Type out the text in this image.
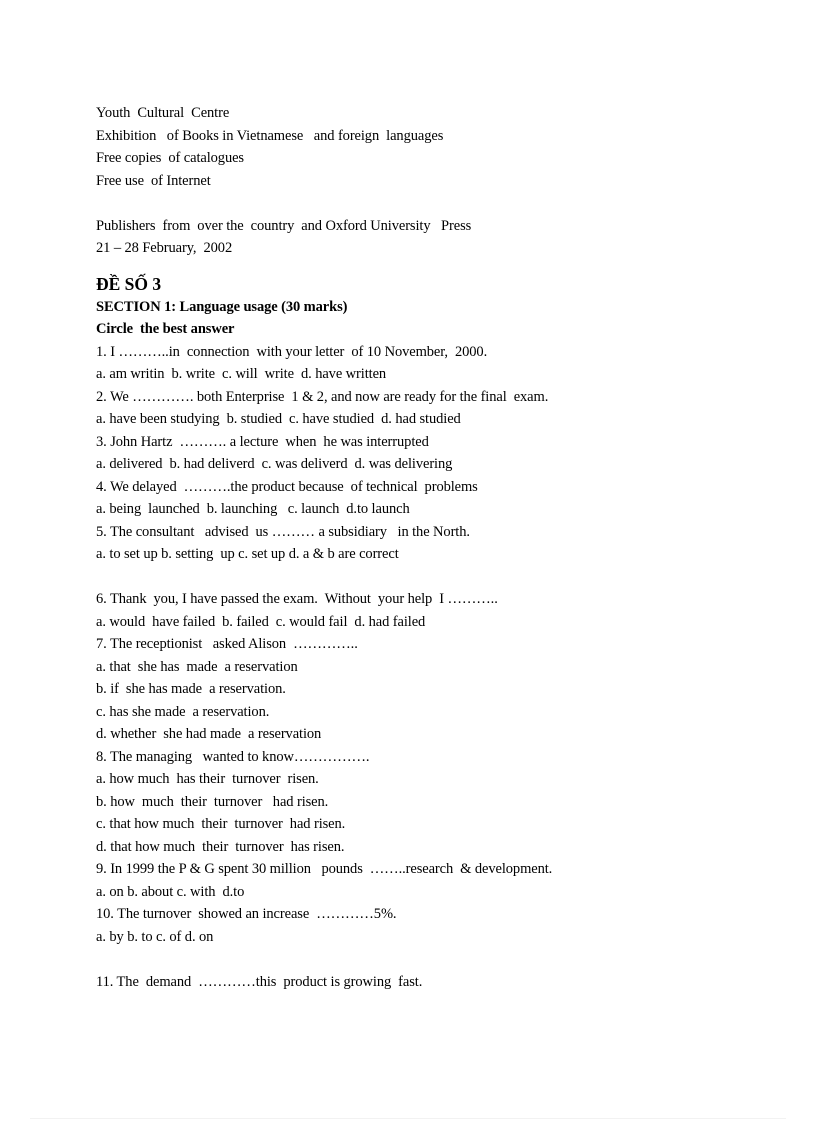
Youth  Cultural  Centre
Exhibition   of Books in Vietnamese   and foreign  languages
Free copies  of catalogues
Free use  of Internet
Publishers  from  over the  country  and Oxford University   Press
21 – 28 February,  2002
ĐỀ SỐ 3
SECTION 1: Language usage (30 marks)
Circle  the best answer
1. I ………..in  connection  with your letter  of 10 November,  2000.
a. am writin  b. write  c. will  write  d. have written
2. We …………. both Enterprise  1 & 2, and now are ready for the final  exam.
a. have been studying  b. studied  c. have studied  d. had studied
3. John Hartz  ………. a lecture  when  he was interrupted
a. delivered  b. had deliverd  c. was deliverd  d. was delivering
4. We delayed  ……….the product because  of technical  problems
a. being  launched  b. launching   c. launch  d.to launch
5. The consultant   advised  us ……… a subsidiary   in the North.
a. to set up b. setting  up c. set up d. a & b are correct
6. Thank  you, I have passed the exam.  Without  your help  I ………..
a. would  have failed  b. failed  c. would fail  d. had failed
7. The receptionist   asked Alison  …………..
a. that  she has  made  a reservation
b. if  she has made  a reservation.
c. has she made  a reservation.
d. whether  she had made  a reservation
8. The managing   wanted to know…………….
a. how much  has their  turnover  risen.
b. how  much  their  turnover   had risen.
c. that how much  their  turnover  had risen.
d. that how much  their  turnover  has risen.
9. In 1999 the P & G spent 30 million   pounds  ……..research  & development.
a. on b. about c. with  d.to
10. The turnover  showed an increase  …………5%.
a. by b. to c. of d. on
11. The  demand  …………this  product is growing  fast.
